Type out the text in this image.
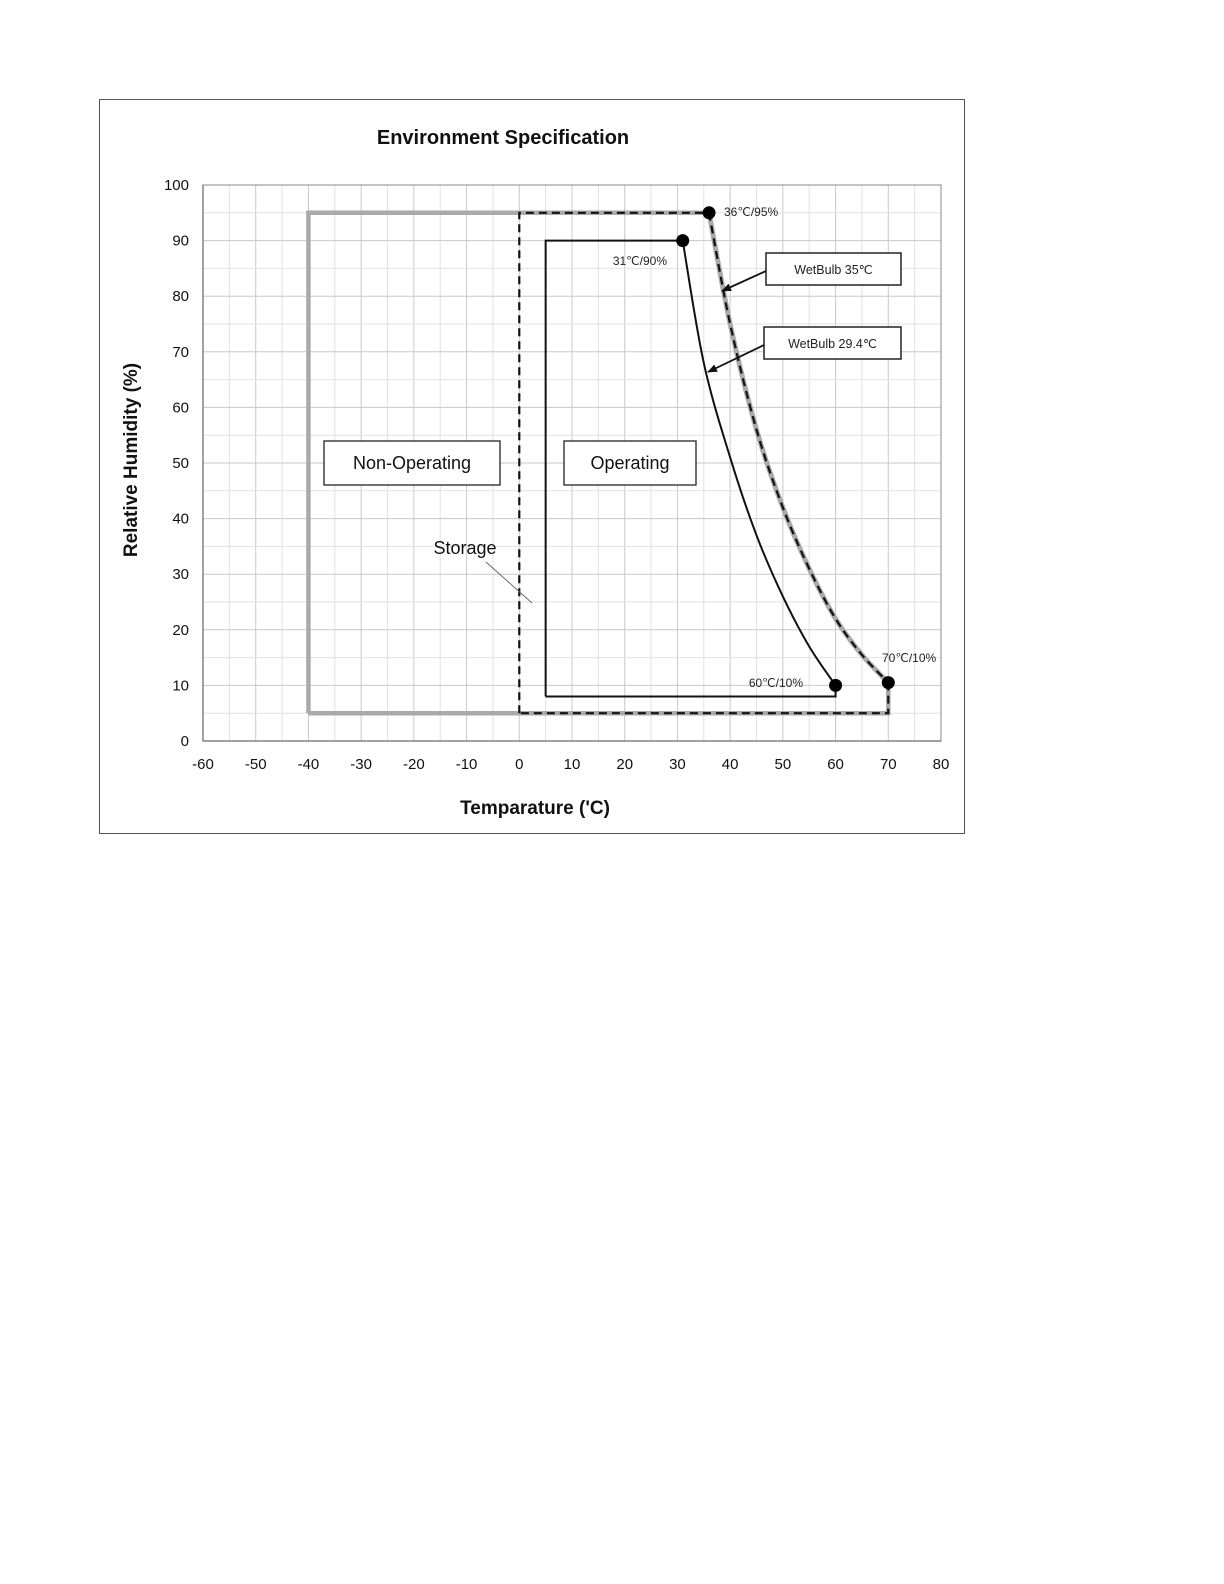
Environment Specification
-60 -50 -40 -30 -20 -10	0	10 20 30 40 50 60 70 80
0
10
20
30
40
50
60
70
80
90
100
Non-Operating	Operating
Storage
WetBulb 35℃
WetBulb 29.4℃
36℃/95%
31℃/90%
60℃/10%
70℃/10%
Temparature ('C)
Relative Humidity (%)
